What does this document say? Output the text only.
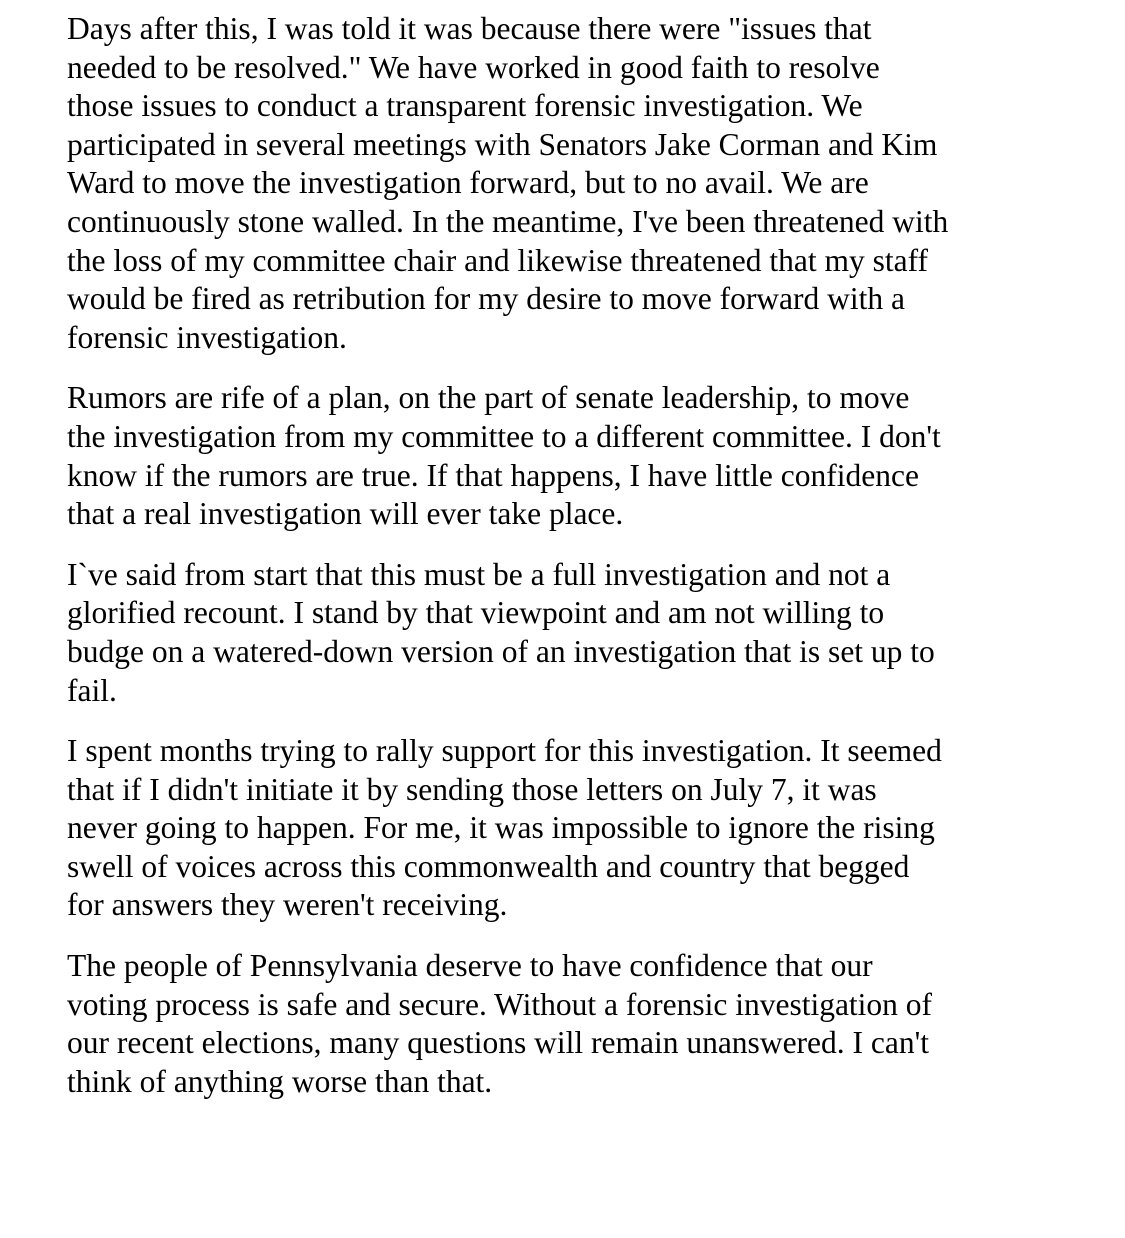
Days after this, I was told it was because there were "issues that
needed to be resolved." We have worked in good faith to resolve
those issues to conduct a transparent forensic investigation. We
participated in several meetings with Senators Jake Corman and Kim
Ward to move the investigation forward, but to no avail. We are
continuously stone walled. In the meantime, I've been threatened with
the loss of my committee chair and likewise threatened that my staff
would be fired as retribution for my desire to move forward with a
forensic investigation.

Rumors are rife of a plan, on the part of senate leadership, to move
the investigation from my committee to a different committee. I don't
know if the rumors are true. If that happens, I have little confidence
that a real investigation will ever take place.

I`ve said from start that this must be a full investigation and not a
glorified recount. I stand by that viewpoint and am not willing to
budge on a watered-down version of an investigation that is set up to
fail.

I spent months trying to rally support for this investigation. It seemed
that if I didn't initiate it by sending those letters on July 7, it was
never going to happen. For me, it was impossible to ignore the rising
swell of voices across this commonwealth and country that begged
for answers they weren't receiving.

The people of Pennsylvania deserve to have confidence that our
voting process is safe and secure. Without a forensic investigation of
our recent elections, many questions will remain unanswered. I can't
think of anything worse than that.
